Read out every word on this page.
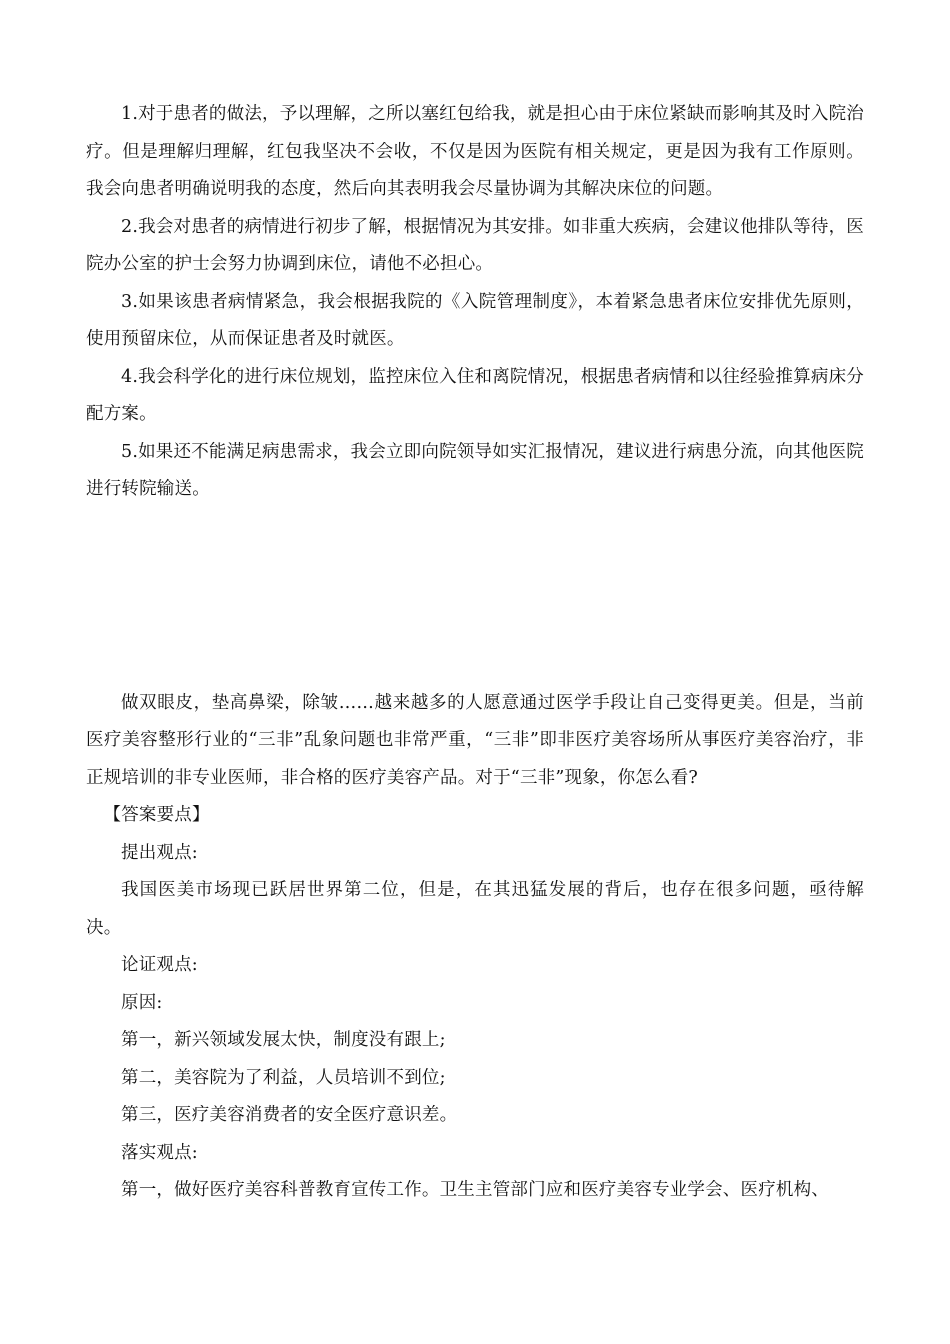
1.对于患者的做法，予以理解，之所以塞红包给我，就是担心由于床位紧缺而影响其及时入院治疗。但是理解归理解，红包我坚决不会收，不仅是因为医院有相关规定，更是因为我有工作原则。我会向患者明确说明我的态度，然后向其表明我会尽量协调为其解决床位的问题。

2.我会对患者的病情进行初步了解，根据情况为其安排。如非重大疾病，会建议他排队等待，医院办公室的护士会努力协调到床位，请他不必担心。

3.如果该患者病情紧急，我会根据我院的《入院管理制度》，本着紧急患者床位安排优先原则，使用预留床位，从而保证患者及时就医。

4.我会科学化的进行床位规划，监控床位入住和离院情况，根据患者病情和以往经验推算病床分配方案。

5.如果还不能满足病患需求，我会立即向院领导如实汇报情况，建议进行病患分流，向其他医院进行转院输送。

做双眼皮，垫高鼻梁，除皱……越来越多的人愿意通过医学手段让自己变得更美。但是，当前医疗美容整形行业的“三非”乱象问题也非常严重，“三非”即非医疗美容场所从事医疗美容治疗，非正规培训的非专业医师，非合格的医疗美容产品。对于“三非”现象，你怎么看?

【答案要点】

提出观点:

我国医美市场现已跃居世界第二位，但是，在其迅猛发展的背后，也存在很多问题，亟待解决。

论证观点:

原因:

第一，新兴领域发展太快，制度没有跟上;

第二，美容院为了利益，人员培训不到位;

第三，医疗美容消费者的安全医疗意识差。

落实观点:

第一，做好医疗美容科普教育宣传工作。卫生主管部门应和医疗美容专业学会、医疗机构、
